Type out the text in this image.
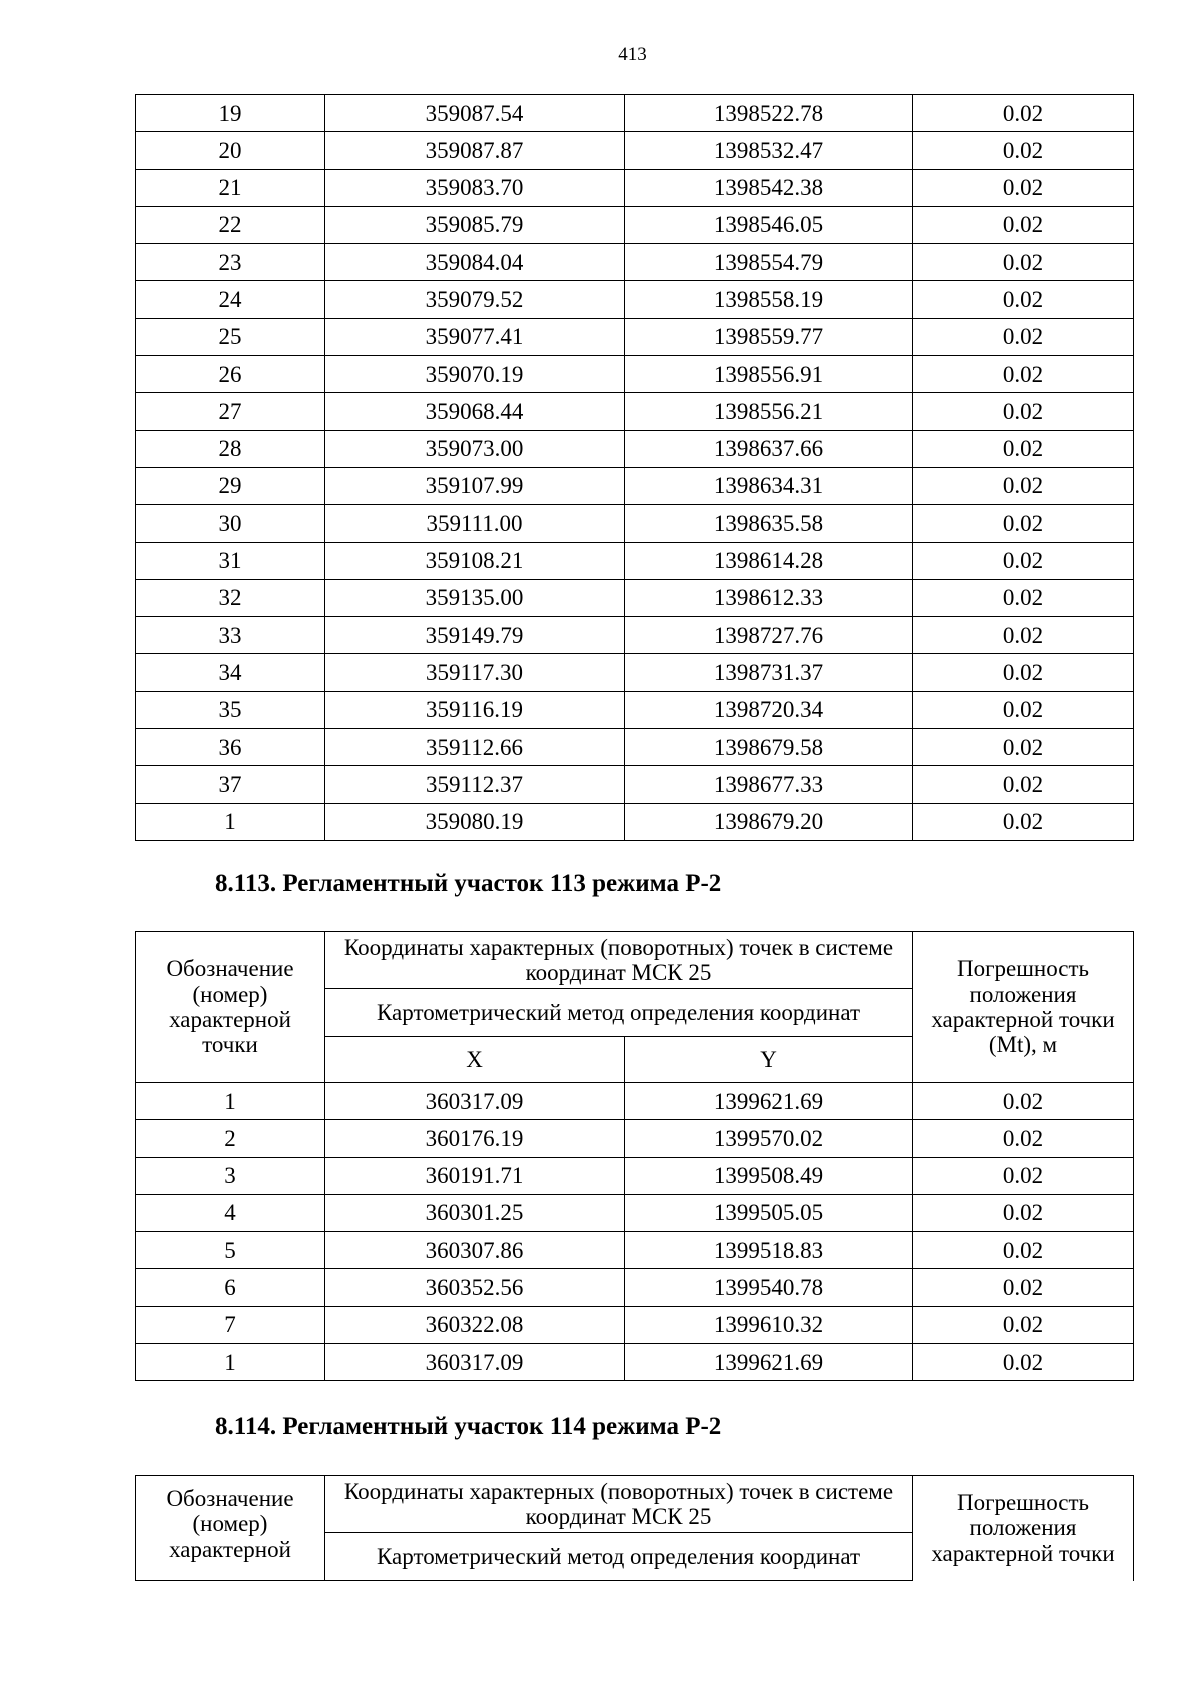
413
19	359087.54	1398522.78	0.02
20	359087.87	1398532.47	0.02
21	359083.70	1398542.38	0.02
22	359085.79	1398546.05	0.02
23	359084.04	1398554.79	0.02
24	359079.52	1398558.19	0.02
25	359077.41	1398559.77	0.02
26	359070.19	1398556.91	0.02
27	359068.44	1398556.21	0.02
28	359073.00	1398637.66	0.02
29	359107.99	1398634.31	0.02
30	359111.00	1398635.58	0.02
31	359108.21	1398614.28	0.02
32	359135.00	1398612.33	0.02
33	359149.79	1398727.76	0.02
34	359117.30	1398731.37	0.02
35	359116.19	1398720.34	0.02
36	359112.66	1398679.58	0.02
37	359112.37	1398677.33	0.02
1	359080.19	1398679.20	0.02
8.113. Регламентный участок 113 режима Р-2
Обозначение (номер) характерной точки	Координаты характерных (поворотных) точек в системе координат МСК 25		Погрешность положения характерной точки (Mt), м
	Картометрический метод определения координат		
	X	Y	
1	360317.09	1399621.69	0.02
2	360176.19	1399570.02	0.02
3	360191.71	1399508.49	0.02
4	360301.25	1399505.05	0.02
5	360307.86	1399518.83	0.02
6	360352.56	1399540.78	0.02
7	360322.08	1399610.32	0.02
1	360317.09	1399621.69	0.02
8.114. Регламентный участок 114 режима Р-2
Обозначение (номер) характерной	Координаты характерных (поворотных) точек в системе координат МСК 25	Погрешность положения характерной точки
Картометрический метод определения координат
